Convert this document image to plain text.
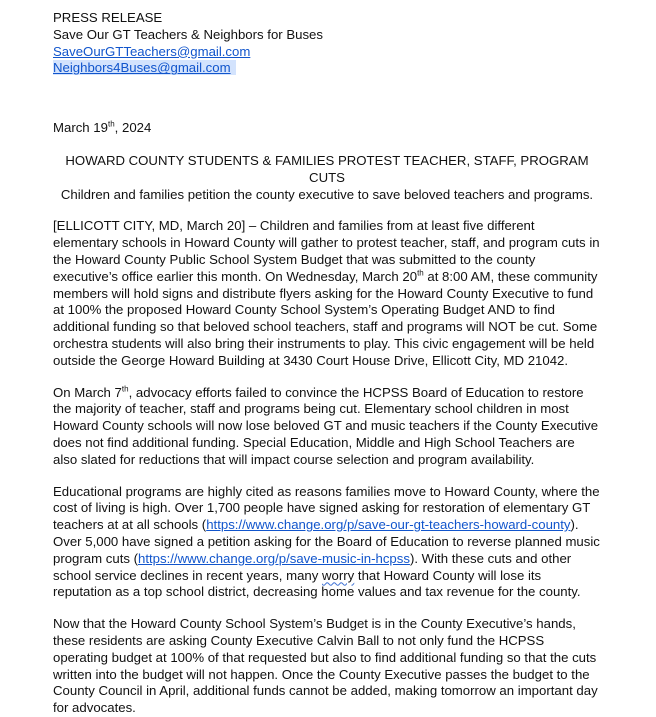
PRESS RELEASE
Save Our GT Teachers & Neighbors for Buses
SaveOurGTTeachers@gmail.com
Neighbors4Buses@gmail.com
March 19th, 2024
HOWARD COUNTY STUDENTS & FAMILIES PROTEST TEACHER, STAFF, PROGRAM CUTS
Children and families petition the county executive to save beloved teachers and programs.

[ELLICOTT CITY, MD, March 20] – Children and families from at least five different elementary schools in Howard County will gather to protest teacher, staff, and program cuts in the Howard County Public School System Budget that was submitted to the county executive’s office earlier this month. On Wednesday, March 20th at 8:00 AM, these community members will hold signs and distribute flyers asking for the Howard County Executive to fund at 100% the proposed Howard County School System’s Operating Budget AND to find additional funding so that beloved school teachers, staff and programs will NOT be cut. Some orchestra students will also bring their instruments to play. This civic engagement will be held outside the George Howard Building at 3430 Court House Drive, Ellicott City, MD 21042.

On March 7th, advocacy efforts failed to convince the HCPSS Board of Education to restore the majority of teacher, staff and programs being cut. Elementary school children in most Howard County schools will now lose beloved GT and music teachers if the County Executive does not find additional funding. Special Education, Middle and High School Teachers are also slated for reductions that will impact course selection and program availability.

Educational programs are highly cited as reasons families move to Howard County, where the cost of living is high. Over 1,700 people have signed asking for restoration of elementary GT teachers at at all schools (https://www.change.org/p/save-our-gt-teachers-howard-county). Over 5,000 have signed a petition asking for the Board of Education to reverse planned music program cuts (https://www.change.org/p/save-music-in-hcpss). With these cuts and other school service declines in recent years, many worry that Howard County will lose its reputation as a top school district, decreasing home values and tax revenue for the county.

Now that the Howard County School System’s Budget is in the County Executive’s hands, these residents are asking County Executive Calvin Ball to not only fund the HCPSS operating budget at 100% of that requested but also to find additional funding so that the cuts written into the budget will not happen. Once the County Executive passes the budget to the County Council in April, additional funds cannot be added, making tomorrow an important day for advocates.
